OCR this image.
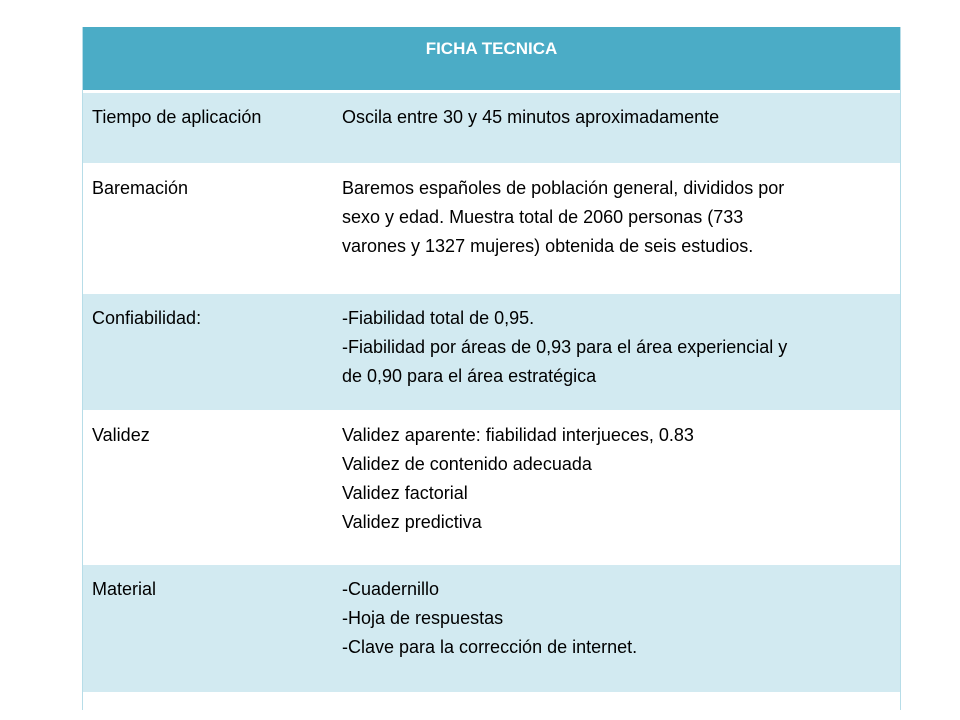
FICHA TECNICA	
Tiempo de aplicación	Oscila entre 30 y 45 minutos aproximadamente

Baremación	Baremos españoles de población general, divididos por
sexo y edad. Muestra total de 2060 personas (733
varones y 1327 mujeres) obtenida de seis estudios.

Confiabilidad:	-Fiabilidad total de 0,95.
-Fiabilidad por áreas de 0,93 para el área experiencial y
de 0,90 para el área estratégica

Validez	Validez aparente: fiabilidad interjueces, 0.83
Validez de contenido adecuada
Validez factorial
Validez predictiva

Material	-Cuadernillo
-Hoja de respuestas
-Clave para la corrección de internet.
